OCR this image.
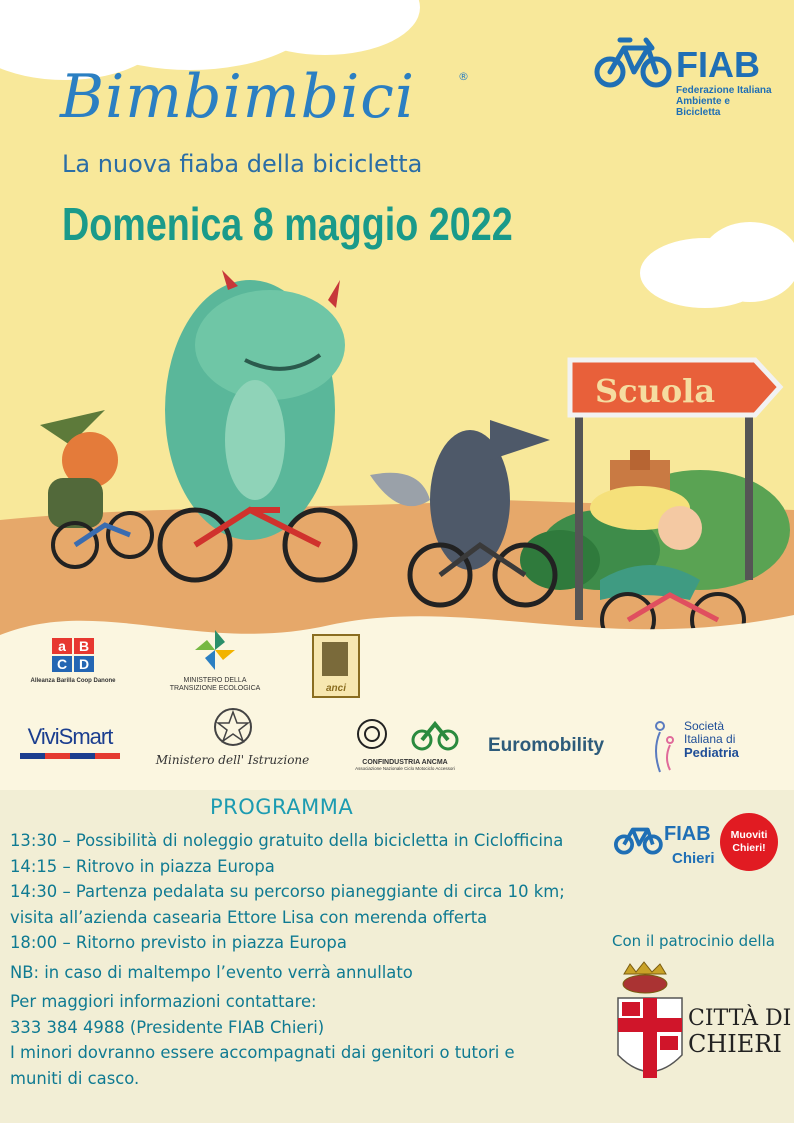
Bimbimbici	®
La nuova fiaba della bicicletta
Domenica 8 maggio 2022
FIAB
Federazione Italiana
Ambiente e Bicicletta
Scuola
a B
C D
Alleanza Barilla Coop Danone	MINISTERO DELLA
TRANSIZIONE ECOLOGICA	anci
ViviSmart
Ministero dell' Istruzione	CONFINDUSTRIA ANCMA
Associazione Nazionale Ciclo Motociclo Accessori
Euromobility
Società
Italiana di
Pediatria
PROGRAMMA
13:30 – Possibilità di noleggio gratuito della bicicletta in Ciclofficina
14:15 – Ritrovo in piazza Europa
14:30 – Partenza pedalata su percorso pianeggiante di circa 10 km;
visita all’azienda casearia Ettore Lisa con merenda offerta
18:00 – Ritorno previsto in piazza Europa
NB: in caso di maltempo l’evento verrà annullato
Per maggiori informazioni contattare:
333 384 4988 (Presidente FIAB Chieri)
I minori dovranno essere accompagnati dai genitori o tutori e
muniti di casco.
FIAB
Chieri
Muoviti
Chieri!
Con il patrocinio della
CITTÀ DI
CHIERI
